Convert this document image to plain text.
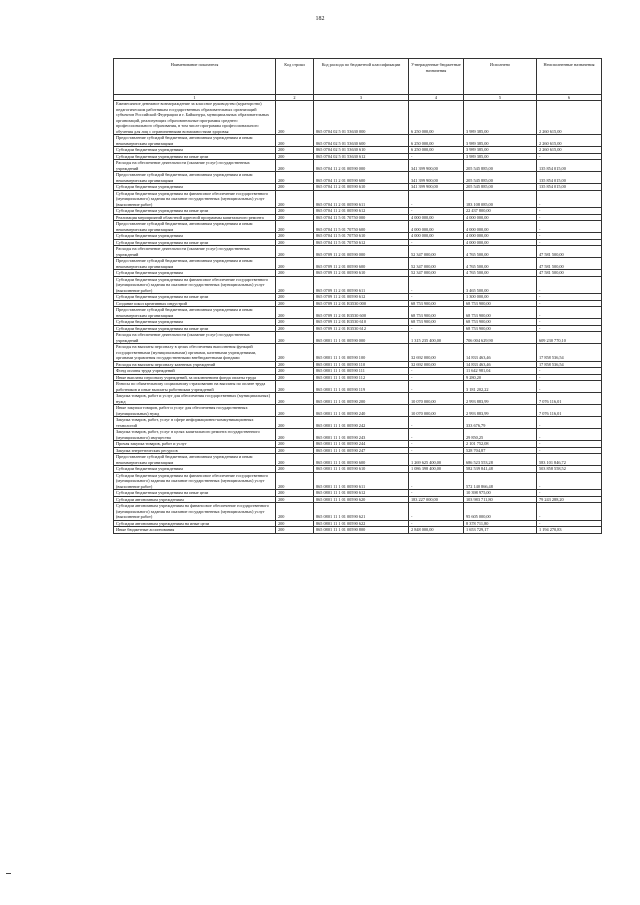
182
Наименование показателя	Код строки	Код расхода по бюджетной классификации	Утвержденные бюджетные назначения	Исполнено	Неисполненные назначения
1	2	3	4	5	6
Ежемесячное денежное вознаграждение за классное руководство (кураторство) педагогическим работникам государственных образовательных организаций субъектов Российской Федерации и г. Байконура, муниципальных образовательных организаций, реализующих образовательные программы среднего профессионального образования, в том числе программы профессионального обучения для лиц с ограниченными возможностями здоровья	200	865 0704 02 5 01 53630 000	6 250 000,00	3 989 385,00	2 260 615,00
Предоставление субсидий бюджетным, автономным учреждениям и иным некоммерческим организациям	200	865 0704 02 5 01 53630 600	6 250 000,00	3 989 385,00	2 260 615,00
Субсидии бюджетным учреждениям	200	865 0704 02 5 01 53630 610	6 250 000,00	3 989 385,00	2 260 615,00
Субсидии бюджетным учреждениям на иные цели	200	865 0704 02 5 01 53630 612	-	3 989 385,00	-
Расходы на обеспечение деятельности (оказание услуг) государственных учреждений	200	865 0704 11 2 01 00590 000	341 399 900,00	205 545 885,00	135 854 015,00
Предоставление субсидий бюджетным, автономным учреждениям и иным некоммерческим организациям	200	865 0704 11 2 01 00590 600	341 399 900,00	205 545 885,00	135 854 015,00
Субсидии бюджетным учреждениям	200	865 0704 11 2 01 00590 610	341 399 900,00	205 545 885,00	135 854 015,00
Субсидии бюджетным учреждениям на финансовое обеспечение государственного (муниципального) задания на оказание государственных (муниципальных) услуг (выполнение работ)	200	865 0704 11 2 01 00590 611	-	183 108 085,00	-
Субсидии бюджетным учреждениям на иные цели	200	865 0704 11 2 01 00590 612	-	22 437 800,00	-
Реализация мероприятий областной адресной программы капитального ремонта	200	865 0704 11 5 01 70750 000	4 000 000,00	4 000 000,00	-
Предоставление субсидий бюджетным, автономным учреждениям и иным некоммерческим организациям	200	865 0704 11 5 01 70750 600	4 000 000,00	4 000 000,00	-
Субсидии бюджетным учреждениям	200	865 0704 11 5 01 70750 610	4 000 000,00	4 000 000,00	-
Субсидии бюджетным учреждениям на иные цели	200	865 0704 11 5 01 70750 612	-	4 000 000,00	-
Расходы на обеспечение деятельности (оказание услуг) государственных учреждений	200	865 0709 11 2 01 00590 000	52 347 000,00	4 765 500,00	47 581 500,00
Предоставление субсидий бюджетным, автономным учреждениям и иным некоммерческим организациям	200	865 0709 11 2 01 00590 600	52 347 000,00	4 765 500,00	47 581 500,00
Субсидии бюджетным учреждениям	200	865 0709 11 2 01 00590 610	52 347 000,00	4 765 500,00	47 581 500,00
Субсидии бюджетным учреждениям на финансовое обеспечение государственного (муниципального) задания на оказание государственных (муниципальных) услуг (выполнение работ)	200	865 0709 11 2 01 00590 611	-	3 465 500,00	-
Субсидии бюджетным учреждениям на иные цели	200	865 0709 11 2 01 00590 612	-	1 300 000,00	-
Создание школ креативных индустрий	200	865 0709 11 2 01 R3530 000	68 753 900,00	68 753 900,00	-
Предоставление субсидий бюджетным, автономным учреждениям и иным некоммерческим организациям	200	865 0709 11 2 01 R3530 600	68 753 900,00	68 753 900,00	-
Субсидии бюджетным учреждениям	200	865 0709 11 2 01 R3530 610	68 753 900,00	68 753 900,00	-
Субсидии бюджетным учреждениям на иные цели	200	865 0709 11 2 01 R3530 612	-	68 753 900,00	-
Расходы на обеспечение деятельности (оказание услуг) государственных учреждений	200	865 0801 11 1 01 00590 000	1 315 235 400,00	706 004 629,90	609 230 770,10
Расходы на выплаты персоналу в целях обеспечения выполнения функций государственными (муниципальными) органами, казенными учреждениями, органами управления государственными внебюджетными фондами	200	865 0801 11 1 01 00590 100	32 692 000,00	14 833 463,46	17 858 536,54
Расходы на выплаты персоналу казенных учреждений	200	865 0801 11 1 01 00590 110	32 692 000,00	14 833 463,46	17 858 536,54
Фонд оплаты труда учреждений	200	865 0801 11 1 01 00590 111	-	11 642 981,04	-
Иные выплаты персоналу учреждений, за исключением фонда оплаты труда	200	865 0801 11 1 01 00590 112	-	9 280,20	-
Взносы по обязательному социальному страхованию на выплаты по оплате труда работников и иные выплаты работникам учреждений	200	865 0801 11 1 01 00590 119	-	3 181 202,22	-
Закупка товаров, работ и услуг для обеспечения государственных (муниципальных) нужд	200	865 0801 11 1 01 00590 200	10 070 000,00	2 993 883,99	7 076 116,01
Иные закупки товаров, работ и услуг для обеспечения государственных (муниципальных) нужд	200	865 0801 11 1 01 00590 240	10 070 000,00	2 993 883,99	7 076 116,01
Закупка товаров, работ, услуг в сфере информационно-коммуникационных технологий	200	865 0801 11 1 01 00590 242	-	333 676,79	-
Закупка товаров, работ, услуг в целях капитального ремонта государственного (муниципального) имущества	200	865 0801 11 1 01 00590 243	-	29 850,25	-
Прочая закупка товаров, работ и услуг	200	865 0801 11 1 01 00590 244	-	2 101 752,08	-
Закупка энергетических ресурсов	200	865 0801 11 1 01 00590 247	-	528 704,87	-
Предоставление субсидий бюджетным, автономным учреждениям и иным некоммерческим организациям	200	865 0801 11 1 01 00590 600	1 269 625 400,00	686 523 553,28	583 101 846,72
Субсидии бюджетным учреждениям	200	865 0801 11 1 01 00590 610	1 086 398 400,00	582 539 841,48	503 858 558,52
Субсидии бюджетным учреждениям на финансовое обеспечение государственного (муниципального) задания на оказание государственных (муниципальных) услуг (выполнение работ)	200	865 0801 11 1 01 00590 611	-	572 140 866,48	-
Субсидии бюджетным учреждениям на иные цели	200	865 0801 11 1 01 00590 612	-	10 398 975,00	-
Субсидии автономным учреждениям	200	865 0801 11 1 01 00590 620	183 227 000,00	103 983 711,80	79 243 288,20
Субсидии автономным учреждениям на финансовое обеспечение государственного (муниципального) задания на оказание государственных (муниципальных) услуг (выполнение работ)	200	865 0801 11 1 01 00590 621	-	95 605 000,00	-
Субсидии автономным учреждениям на иные цели	200	865 0801 11 1 01 00590 622	-	8 378 711,80	-
Иные бюджетные ассигнования	200	865 0801 11 1 01 00590 800	2 848 000,00	1 653 729,17	1 194 270,83
